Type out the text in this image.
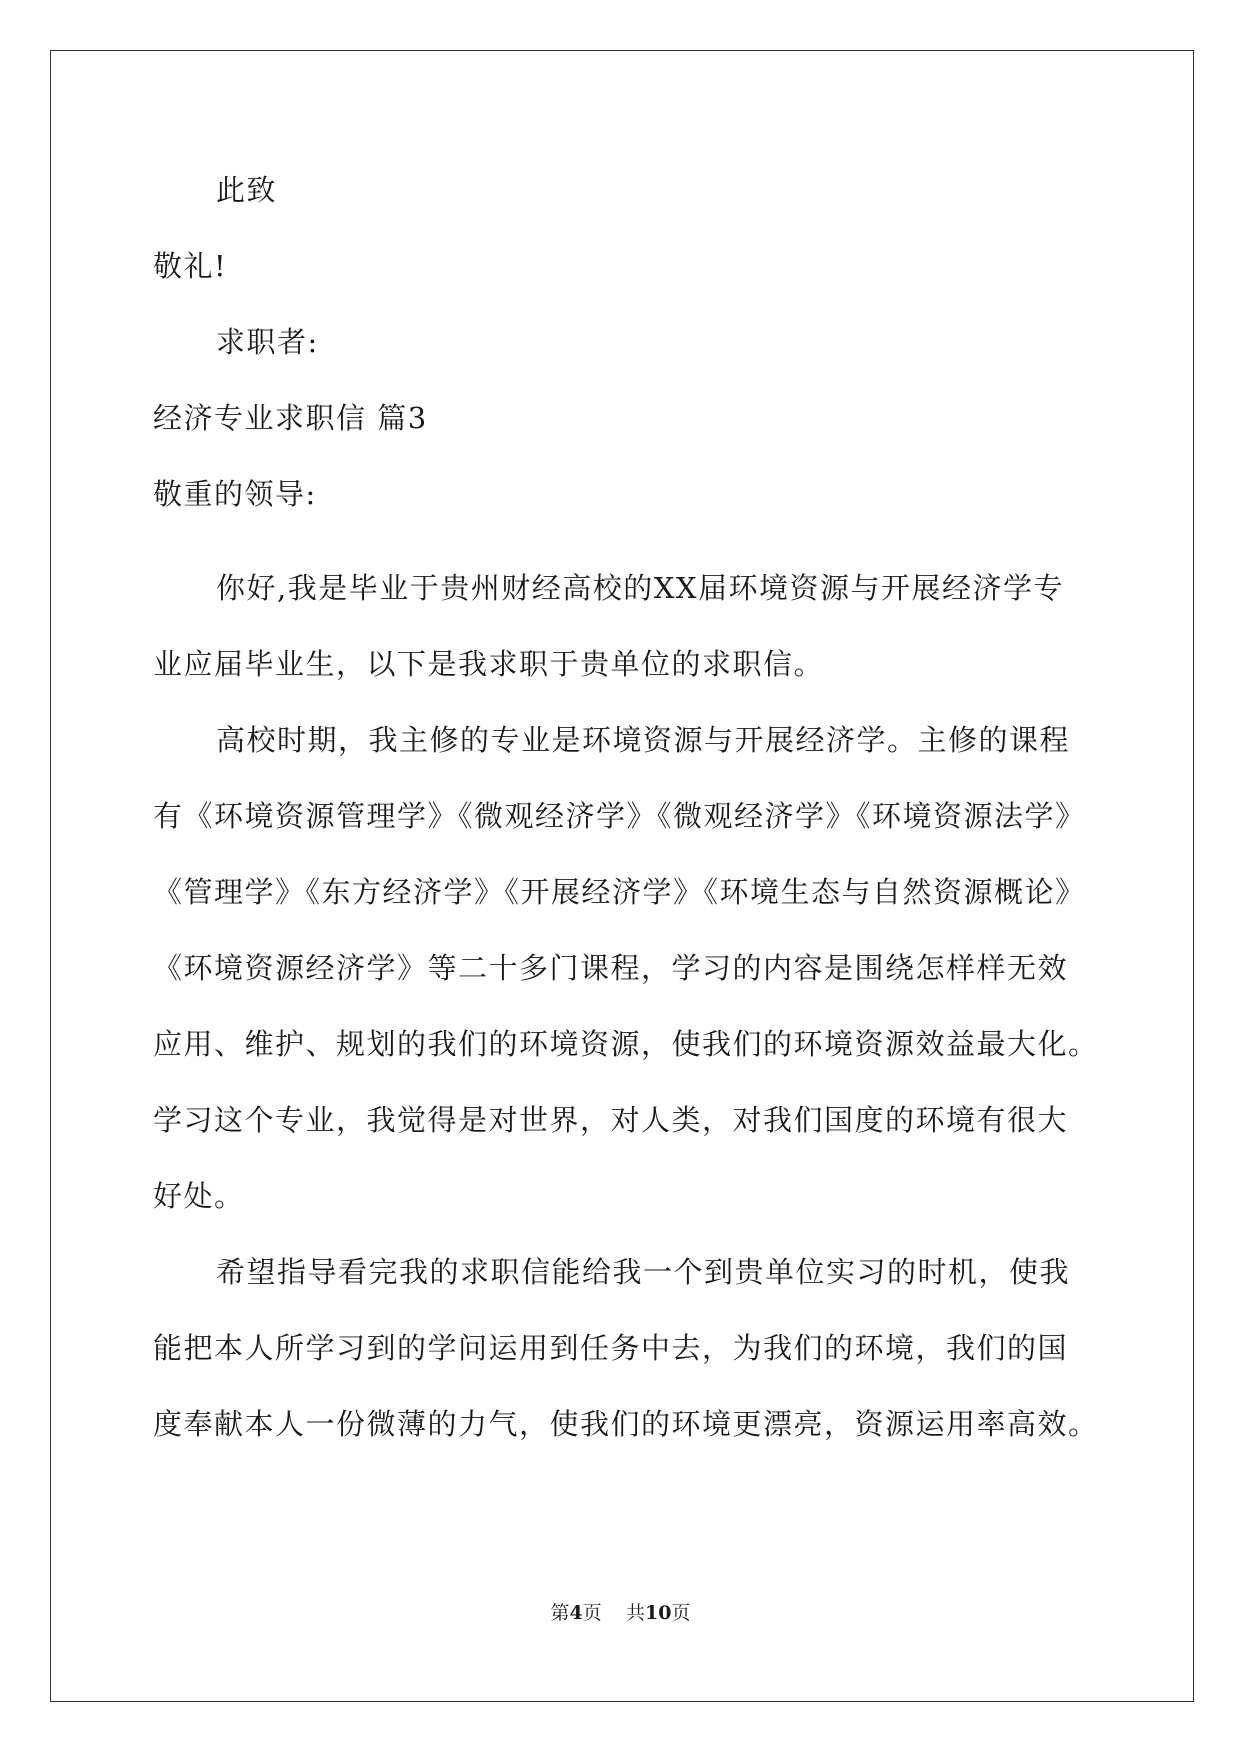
此致
敬礼!
求职者:
经济专业求职信 篇3
敬重的领导:
你好,我是毕业于贵州财经高校的XX届环境资源与开展经济学专
业应届毕业生，以下是我求职于贵单位的求职信。
高校时期，我主修的专业是环境资源与开展经济学。主修的课程
有《环境资源管理学》《微观经济学》《微观经济学》《环境资源法学》
《管理学》《东方经济学》《开展经济学》《环境生态与自然资源概论》
《环境资源经济学》等二十多门课程，学习的内容是围绕怎样样无效
应用、维护、规划的我们的环境资源，使我们的环境资源效益最大化。
学习这个专业，我觉得是对世界，对人类，对我们国度的环境有很大
好处。
希望指导看完我的求职信能给我一个到贵单位实习的时机，使我
能把本人所学习到的学问运用到任务中去，为我们的环境，我们的国
度奉献本人一份微薄的力气，使我们的环境更漂亮，资源运用率高效。
第4页 共10页
